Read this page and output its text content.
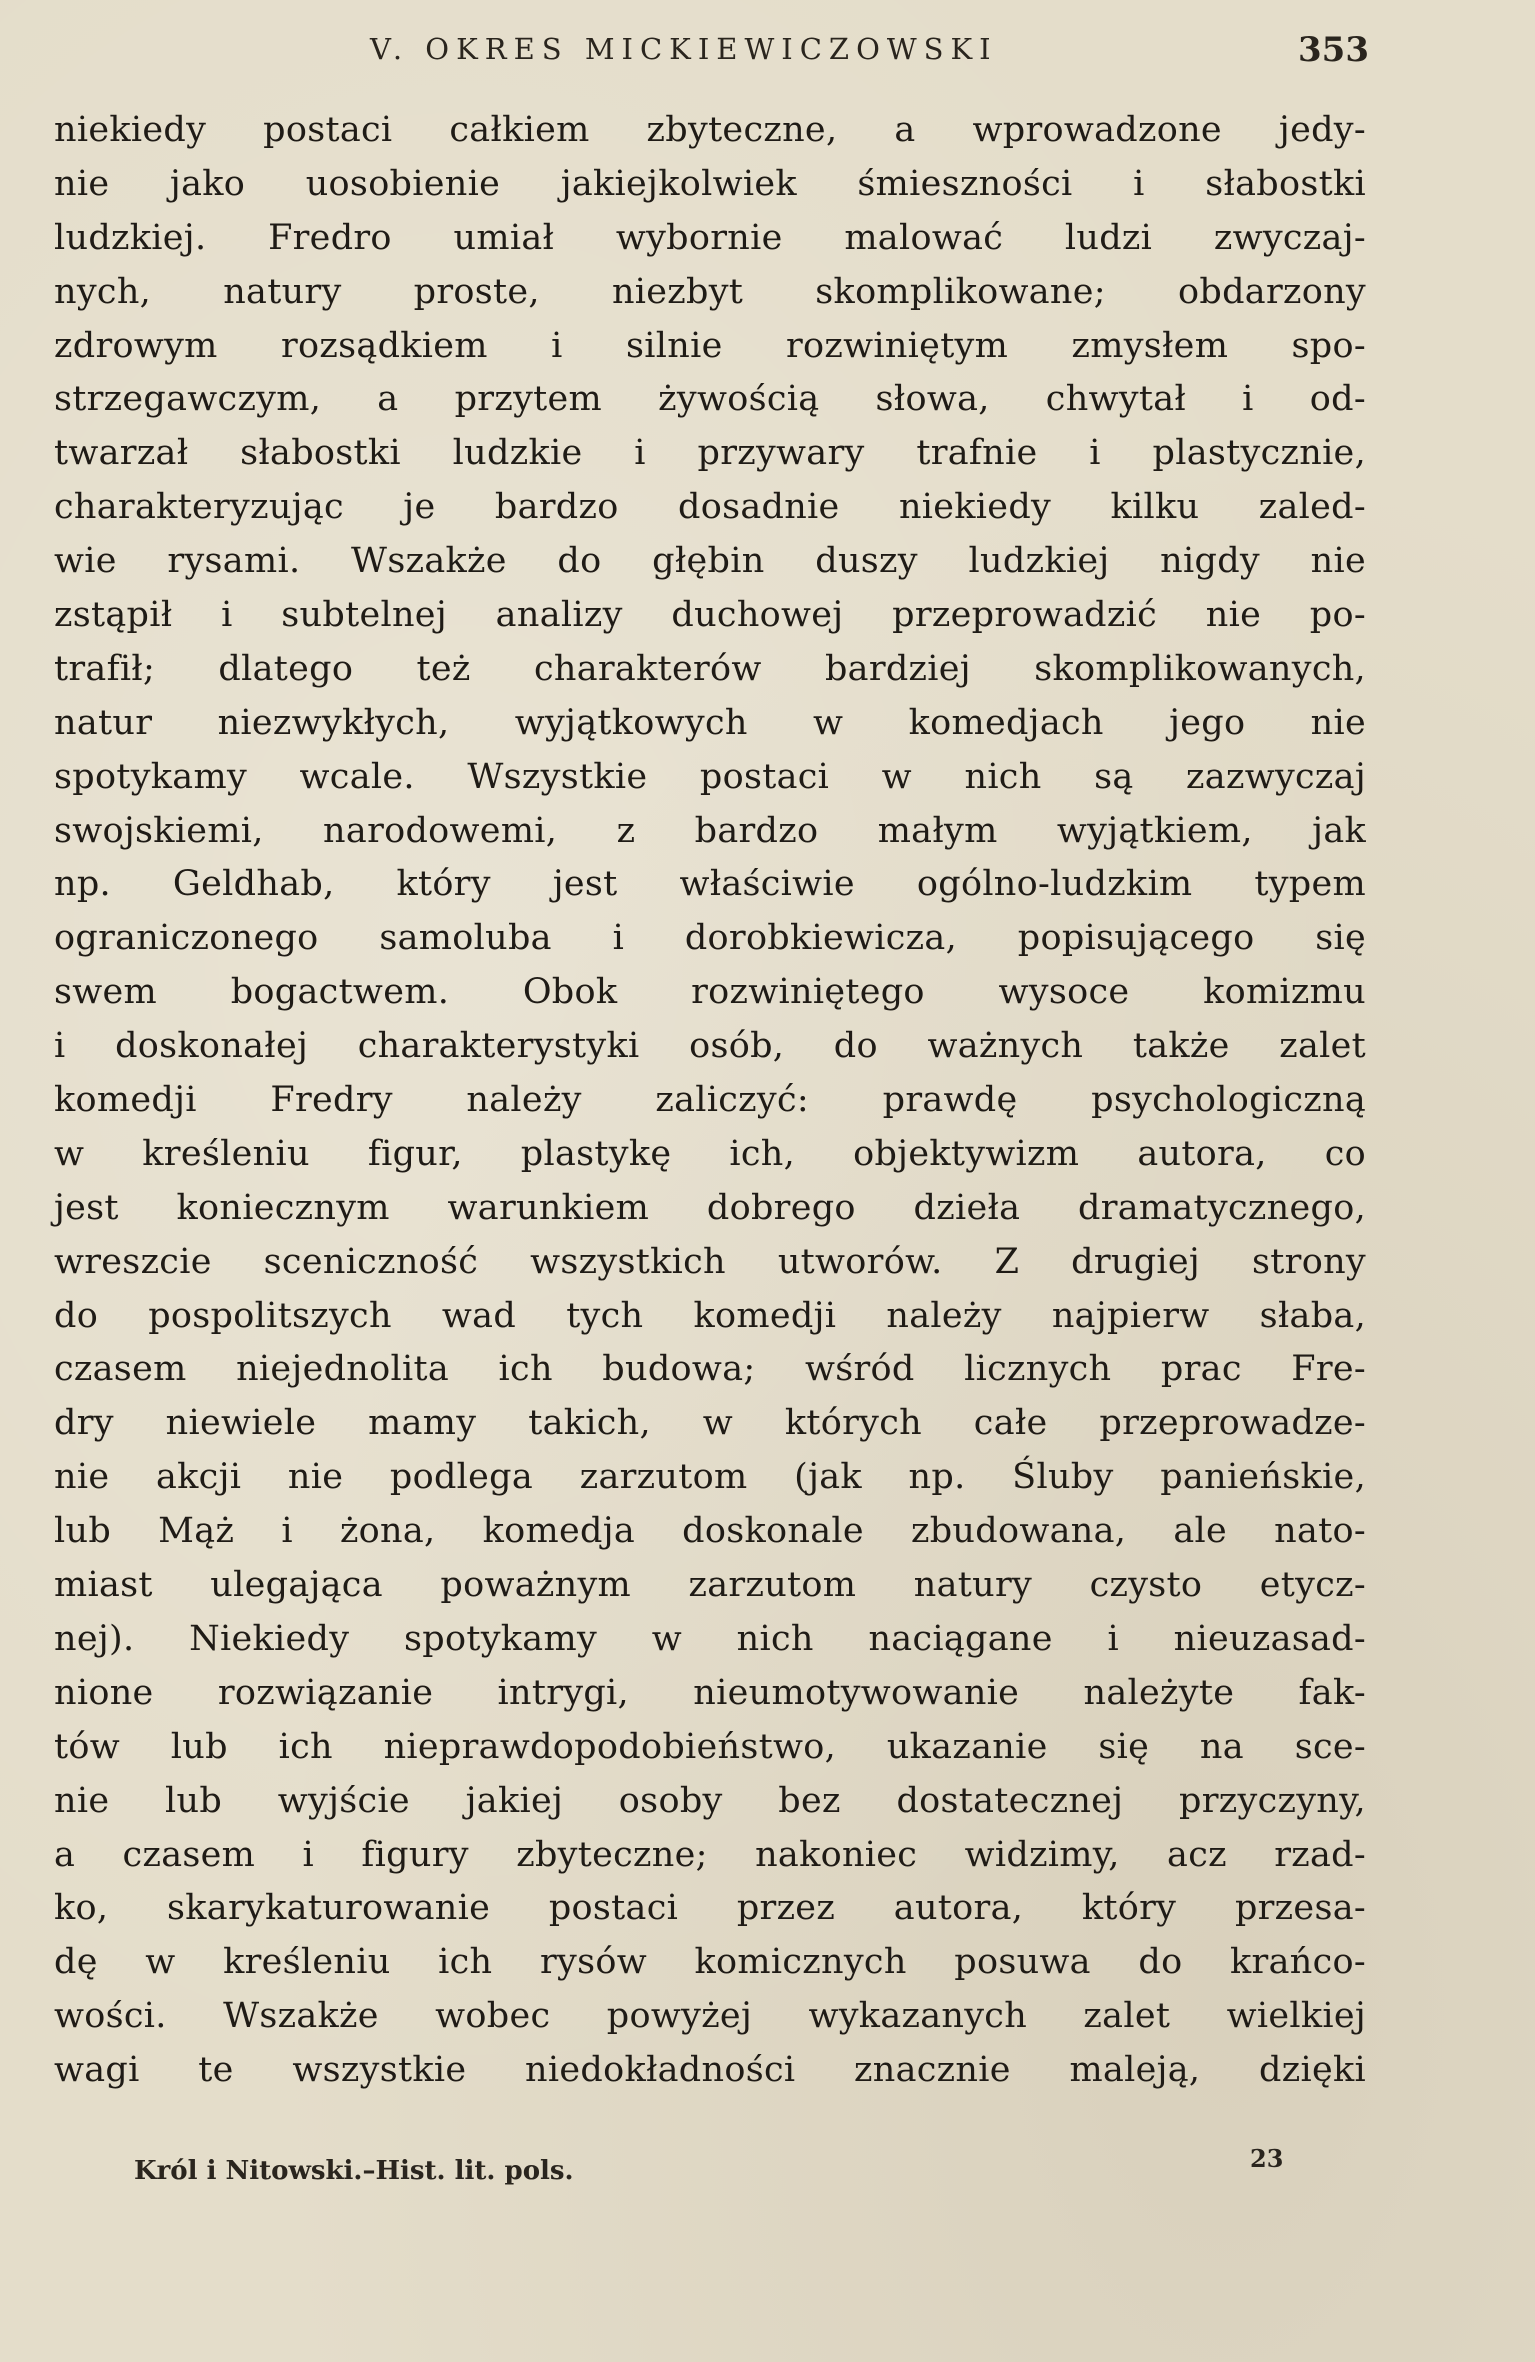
V. OKRES MICKIEWICZOWSKI	353
niekiedy postaci całkiem zbyteczne, a wprowadzone jedy-
nie jako uosobienie jakiejkolwiek śmieszności i słabostki
ludzkiej. Fredro umiał wybornie malować ludzi zwyczaj-
nych, natury proste, niezbyt skomplikowane; obdarzony
zdrowym rozsądkiem i silnie rozwiniętym zmysłem spo-
strzegawczym, a przytem żywością słowa, chwytał i od-
twarzał słabostki ludzkie i przywary trafnie i plastycznie,
charakteryzując je bardzo dosadnie niekiedy kilku zaled-
wie rysami. Wszakże do głębin duszy ludzkiej nigdy nie
zstąpił i subtelnej analizy duchowej przeprowadzić nie po-
trafił; dlatego też charakterów bardziej skomplikowanych,
natur niezwykłych, wyjątkowych w komedjach jego nie
spotykamy wcale. Wszystkie postaci w nich są zazwyczaj
swojskiemi, narodowemi, z bardzo małym wyjątkiem, jak
np. Geldhab, który jest właściwie ogólno-ludzkim typem
ograniczonego samoluba i dorobkiewicza, popisującego się
swem bogactwem. Obok rozwiniętego wysoce komizmu
i doskonałej charakterystyki osób, do ważnych także zalet
komedji Fredry należy zaliczyć: prawdę psychologiczną
w kreśleniu figur, plastykę ich, objektywizm autora, co
jest koniecznym warunkiem dobrego dzieła dramatycznego,
wreszcie sceniczność wszystkich utworów. Z drugiej strony
do pospolitszych wad tych komedji należy najpierw słaba,
czasem niejednolita ich budowa; wśród licznych prac Fre-
dry niewiele mamy takich, w których całe przeprowadze-
nie akcji nie podlega zarzutom (jak np. Śluby panieńskie,
lub Mąż i żona, komedja doskonale zbudowana, ale nato-
miast ulegająca poważnym zarzutom natury czysto etycz-
nej). Niekiedy spotykamy w nich naciągane i nieuzasad-
nione rozwiązanie intrygi, nieumotywowanie należyte fak-
tów lub ich nieprawdopodobieństwo, ukazanie się na sce-
nie lub wyjście jakiej osoby bez dostatecznej przyczyny,
a czasem i figury zbyteczne; nakoniec widzimy, acz rzad-
ko, skarykaturowanie postaci przez autora, który przesa-
dę w kreśleniu ich rysów komicznych posuwa do krańco-
wości. Wszakże wobec powyżej wykazanych zalet wielkiej
wagi te wszystkie niedokładności znacznie maleją, dzięki
Król i Nitowski.–Hist. lit. pols.	23
